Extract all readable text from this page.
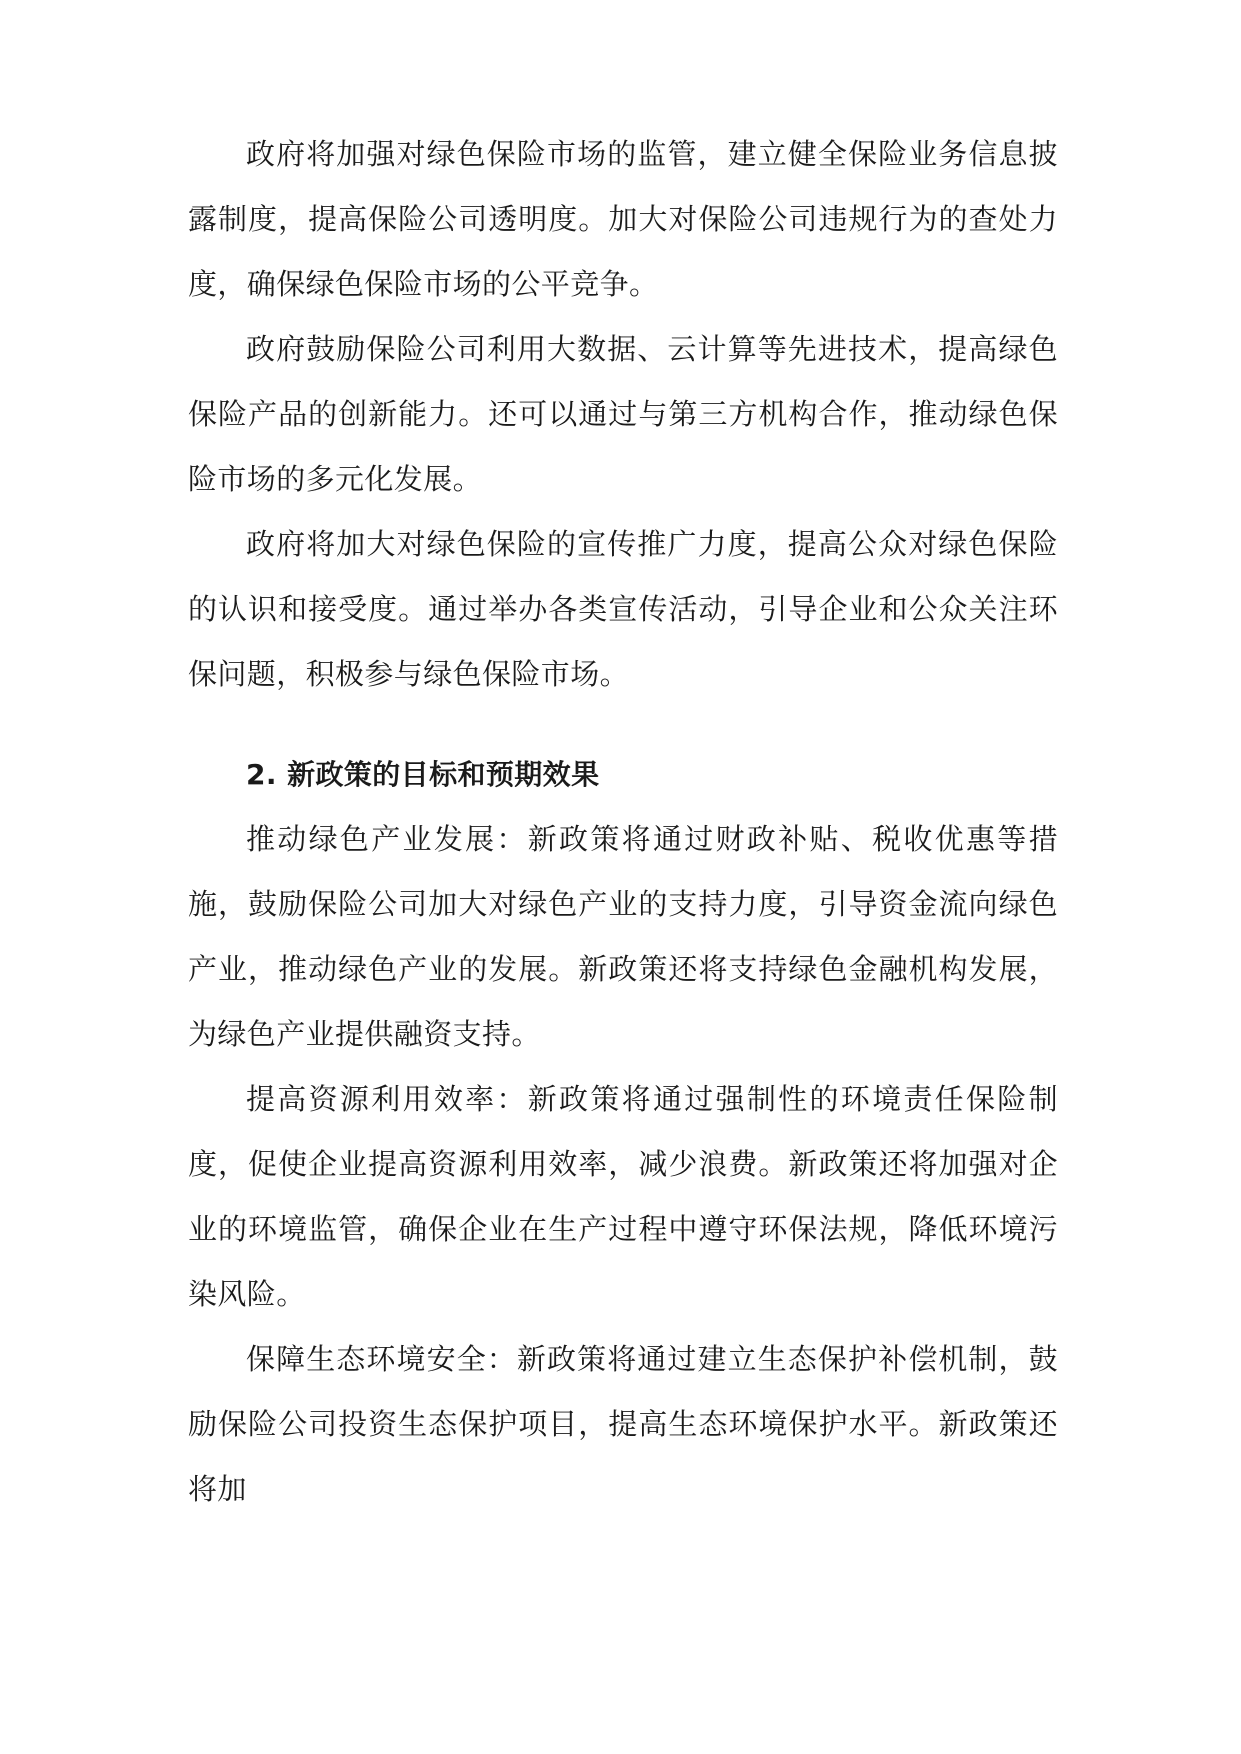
政府将加强对绿色保险市场的监管，建立健全保险业务信息披露制度，提高保险公司透明度。加大对保险公司违规行为的查处力度，确保绿色保险市场的公平竞争。

政府鼓励保险公司利用大数据、云计算等先进技术，提高绿色保险产品的创新能力。还可以通过与第三方机构合作，推动绿色保险市场的多元化发展。

政府将加大对绿色保险的宣传推广力度，提高公众对绿色保险的认识和接受度。通过举办各类宣传活动，引导企业和公众关注环保问题，积极参与绿色保险市场。

2. 新政策的目标和预期效果

推动绿色产业发展：新政策将通过财政补贴、税收优惠等措施，鼓励保险公司加大对绿色产业的支持力度，引导资金流向绿色产业，推动绿色产业的发展。新政策还将支持绿色金融机构发展，为绿色产业提供融资支持。

提高资源利用效率：新政策将通过强制性的环境责任保险制度，促使企业提高资源利用效率，减少浪费。新政策还将加强对企业的环境监管，确保企业在生产过程中遵守环保法规，降低环境污染风险。

保障生态环境安全：新政策将通过建立生态保护补偿机制，鼓励保险公司投资生态保护项目，提高生态环境保护水平。新政策还将加
